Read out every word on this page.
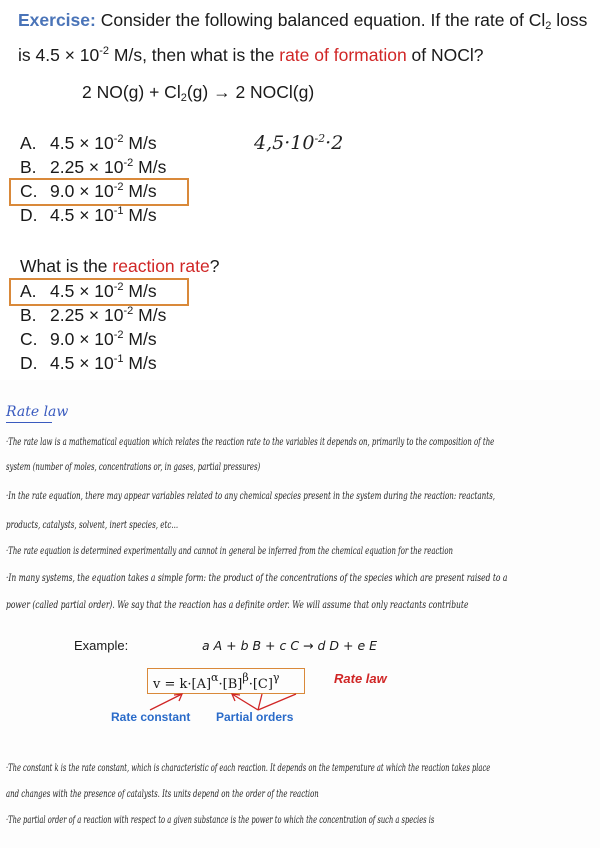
Exercise: Consider the following balanced equation. If the rate of $Cl_2$ loss is $4.5 \times 10^{-2}$ M/s, then what is the rate of formation of NOCl?
2 $NO(g) + Cl_2(g) \to 2$ NOCl(g)
A. $4.5 \times 10^{-2}$ M/s
B. $2.25 \times 10^{-2}$ M/s
C. $9.0 \times 10^{-2}$ M/s
D. $4.5 \times 10^{-1}$ M/s
$4,5\cdot 10^{-2}\cdot 2$
What is the reaction rate?
A. $4.5 \times 10^{-2}$ M/s
B. $2.25 \times 10^{-2}$ M/s
C. $9.0 \times 10^{-2}$ M/s
D. $4.5 \times 10^{-1}$ M/s
Rate law
·The rate law is a mathematical equation which relates the reaction rate to the variables it depends on, primarily to the composition of the
system (number of moles, concentrations or, in gases, partial pressures)
·In the rate equation, there may appear variables related to any chemical species present in the system during the reaction: reactants,
products, catalysts, solvent, inert species, etc...
·The rate equation is determined experimentally and cannot in general be inferred from the chemical equation for the reaction
·In many systems, the equation takes a simple form: the product of the concentrations of the species which are present raised to a
power (called partial order). We say that the reaction has a definite order. We will assume that only reactants contribute
Example:	a A + b B + c C → d D + e E
$v = k\cdot[A]^\alpha\cdot[B]^\beta\cdot[C]^\gamma$	Rate law
Rate constant Partial orders
·The constant k is the rate constant, which is characteristic of each reaction. It depends on the temperature at which the reaction takes place
and changes with the presence of catalysts. Its units depend on the order of the reaction
·The partial order of a reaction with respect to a given substance is the power to which the concentration of such a species is
